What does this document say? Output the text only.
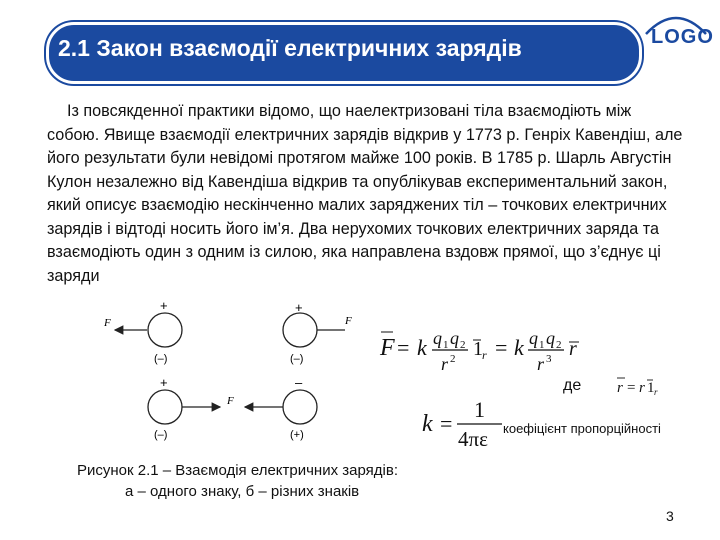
2.1 Закон взаємодії електричних зарядів	LOGO

Із повсякденної практики відомо, що наелектризовані тіла взаємодіють між собою. Явище взаємодії електричних зарядів відкрив у 1773 р. Генріх Кавендіш, але його результати були невідомі протягом майже 100 років. В 1785 р. Шарль Августін Кулон незалежно від Кавендіша відкрив та опублікував експериментальний закон, який описує взаємодію нескінченно малих заряджених тіл – точкових електричних зарядів і відтоді носить його ім’я. Два нерухомих точкових електричних заряда та взаємодіють один з одним із силою, яка направлена вздовж прямої, що з’єднує ці заряди

F
+
(–)
+
F
(–)
+
F
(–)
–
(+)
F = k q 1 q 2
r 2 1 r = k q 1 q 2
r 3 r
де r = r 1 r
k =
1
4πε коефіцієнт пропорційності
Рисунок 2.1 – Взаємодія електричних зарядів:
а – одного знаку, б – різних знаків
3
